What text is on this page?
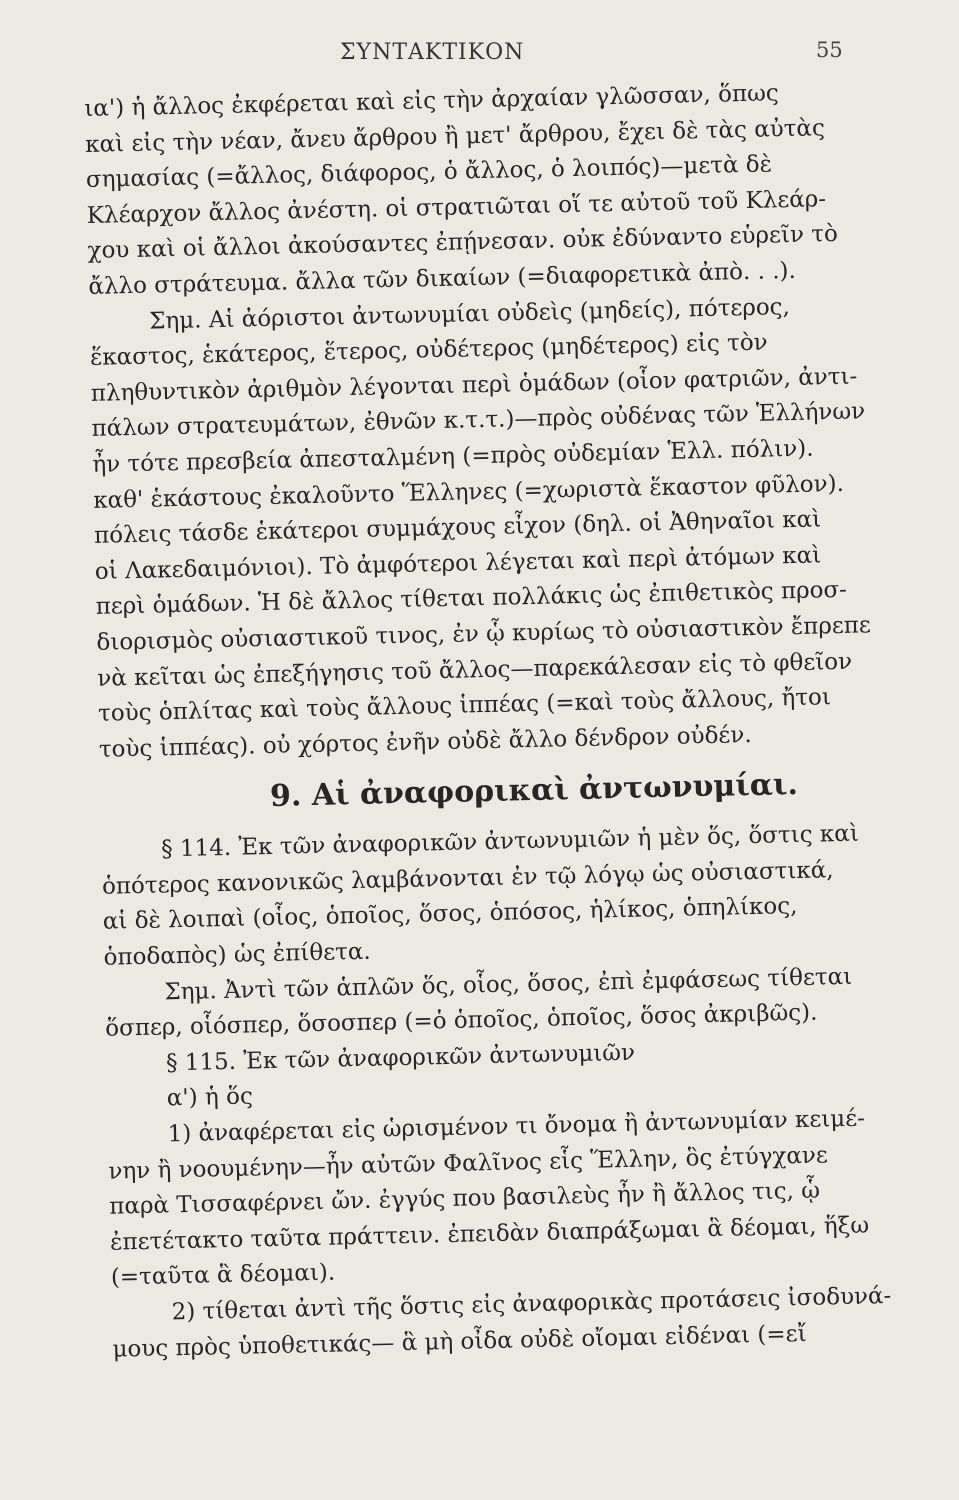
ΣΥΝΤΑΚΤΙΚΟΝ	55
ια') ἡ ἄλλος ἐκφέρεται καὶ εἰς τὴν ἀρχαίαν γλῶσσαν, ὅπως
καὶ εἰς τὴν νέαν, ἄνευ ἄρθρου ἢ μετ' ἄρθρου, ἔχει δὲ τὰς αὐτὰς
σημασίας (=ἄλλος, διάφορος, ὁ ἄλλος, ὁ λοιπός)—μετὰ δὲ
Κλέαρχον ἄλλος ἀνέστη. οἱ στρατιῶται οἵ τε αὐτοῦ τοῦ Κλεάρ-
χου καὶ οἱ ἄλλοι ἀκούσαντες ἐπῄνεσαν. οὐκ ἐδύναντο εὑρεῖν τὸ
ἄλλο στράτευμα. ἄλλα τῶν δικαίων (=διαφορετικὰ ἀπὸ. . .).
Σημ. Αἱ ἀόριστοι ἀντωνυμίαι οὐδεὶς (μηδείς), πότερος,
ἕκαστος, ἑκάτερος, ἕτερος, οὐδέτερος (μηδέτερος) εἰς τὸν
πληθυντικὸν ἀριθμὸν λέγονται περὶ ὁμάδων (οἷον φατριῶν, ἀντι-
πάλων στρατευμάτων, ἐθνῶν κ.τ.τ.)—πρὸς οὐδένας τῶν Ἑλλήνων
ἦν τότε πρεσβεία ἀπεσταλμένη (=πρὸς οὐδεμίαν Ἑλλ. πόλιν).
καθ' ἑκάστους ἐκαλοῦντο Ἕλληνες (=χωριστὰ ἕκαστον φῦλον).
πόλεις τάσδε ἑκάτεροι συμμάχους εἶχον (δηλ. οἱ Ἀθηναῖοι καὶ
οἱ Λακεδαιμόνιοι). Τὸ ἀμφότεροι λέγεται καὶ περὶ ἀτόμων καὶ
περὶ ὁμάδων. Ἡ δὲ ἄλλος τίθεται πολλάκις ὡς ἐπιθετικὸς προσ-
διορισμὸς οὐσιαστικοῦ τινος, ἐν ᾧ κυρίως τὸ οὐσιαστικὸν ἔπρεπε
νὰ κεῖται ὡς ἐπεξήγησις τοῦ ἄλλος—παρεκάλεσαν εἰς τὸ φθεῖον
τοὺς ὁπλίτας καὶ τοὺς ἄλλους ἱππέας (=καὶ τοὺς ἄλλους, ἤτοι
τοὺς ἱππέας). οὐ χόρτος ἐνῆν οὐδὲ ἄλλο δένδρον οὐδέν.
9. Αἱ ἀναφορικαὶ ἀντωνυμίαι.
§ 114. Ἐκ τῶν ἀναφορικῶν ἀντωνυμιῶν ἡ μὲν ὅς, ὅστις καὶ
ὁπότερος κανονικῶς λαμβάνονται ἐν τῷ λόγῳ ὡς οὐσιαστικά,
αἱ δὲ λοιπαὶ (οἷος, ὁποῖος, ὅσος, ὁπόσος, ἡλίκος, ὁπηλίκος,
ὁποδαπὸς) ὡς ἐπίθετα.
Σημ. Ἀντὶ τῶν ἁπλῶν ὅς, οἷος, ὅσος, ἐπὶ ἐμφάσεως τίθεται
ὅσπερ, οἷόσπερ, ὅσοσπερ (=ὁ ὁποῖος, ὁποῖος, ὅσος ἀκριβῶς).
§ 115. Ἐκ τῶν ἀναφορικῶν ἀντωνυμιῶν
α') ἡ ὅς
1) ἀναφέρεται εἰς ὡρισμένον τι ὄνομα ἢ ἀντωνυμίαν κειμέ-
νην ἢ νοουμένην—ἦν αὐτῶν Φαλῖνος εἷς Ἕλλην, ὃς ἐτύγχανε
παρὰ Τισσαφέρνει ὤν. ἐγγύς που βασιλεὺς ἦν ἢ ἄλλος τις, ᾧ
ἐπετέτακτο ταῦτα πράττειν. ἐπειδὰν διαπράξωμαι ἃ δέομαι, ἥξω
(=ταῦτα ἃ δέομαι).
2) τίθεται ἀντὶ τῆς ὅστις εἰς ἀναφορικὰς προτάσεις ἰσοδυνά-
μους πρὸς ὑποθετικάς— ἃ μὴ οἶδα οὐδὲ οἴομαι εἰδέναι (=εἴ
